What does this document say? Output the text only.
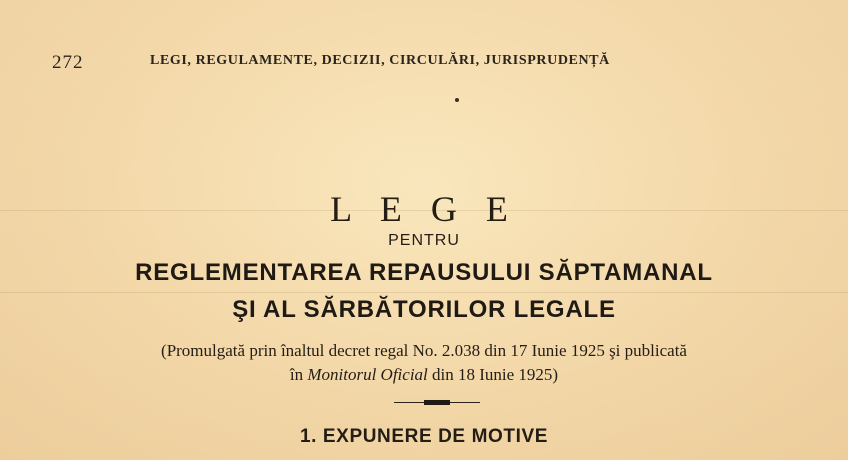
272	LEGI, REGULAMENTE, DECIZII, CIRCULĂRI, JURISPRUDENȚĂ
L E G E
PENTRU
REGLEMENTAREA REPAUSULUI SĂPTAMANAL
ŞI AL SĂRBĂTORILOR LEGALE
(Promulgată prin înaltul decret regal No. 2.038 din 17 Iunie 1925 şi publicată
în Monitorul Oficial din 18 Iunie 1925)
1. EXPUNERE DE MOTIVE
